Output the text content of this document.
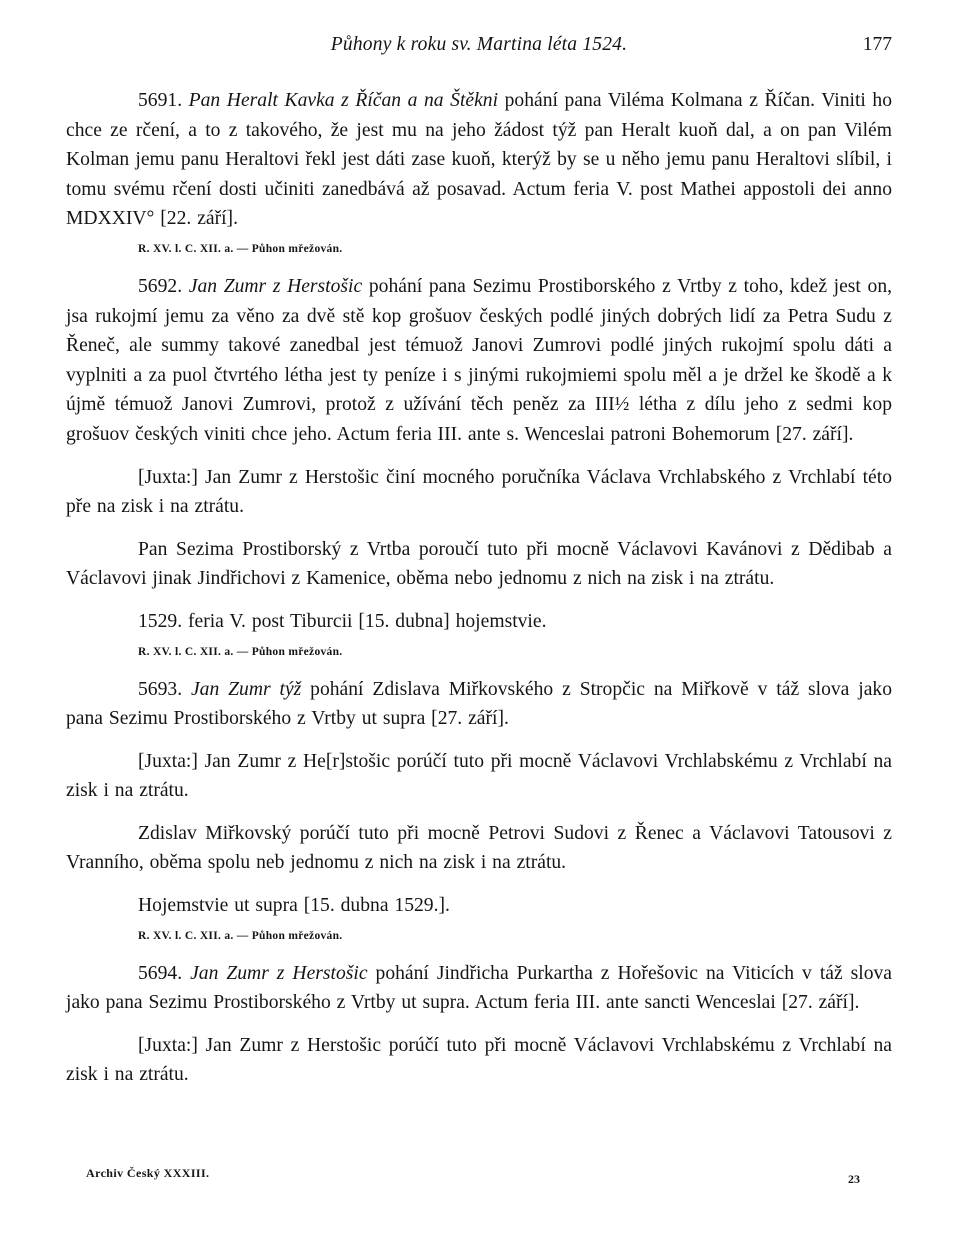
Půhony k roku sv. Martina léta 1524.	177

5691. Pan Heralt Kavka z Říčan a na Štěkni pohání pana Viléma Kolmana z Říčan. Viniti ho chce ze rčení, a to z takového, že jest mu na jeho žádost týž pan Heralt kuoň dal, a on pan Vilém Kolman jemu panu Heraltovi řekl jest dáti zase kuoň, kterýž by se u něho jemu panu Heraltovi slíbil, i tomu svému rčení dosti učiniti zanedbává až posavad. Actum feria V. post Mathei appostoli dei anno MDXXIV° [22. září].

R. XV. l. C. XII. a. — Půhon mřežován.

5692. Jan Zumr z Herstošic pohání pana Sezimu Prostiborského z Vrtby z toho, kdež jest on, jsa rukojmí jemu za věno za dvě stě kop grošuov českých podlé jiných dobrých lidí za Petra Sudu z Řeneč, ale summy takové zanedbal jest témuož Janovi Zumrovi podlé jiných rukojmí spolu dáti a vyplniti a za puol čtvrtého létha jest ty peníze i s jinými rukojmiemi spolu měl a je držel ke škodě a k újmě témuož Janovi Zumrovi, protož z užívání těch peněz za III½ létha z dílu jeho z sedmi kop grošuov českých viniti chce jeho. Actum feria III. ante s. Wenceslai patroni Bohemorum [27. září].

[Juxta:] Jan Zumr z Herstošic činí mocného poručníka Václava Vrchlabského z Vrchlabí této pře na zisk i na ztrátu.

Pan Sezima Prostiborský z Vrtba poroučí tuto při mocně Václavovi Kavánovi z Dědibab a Václavovi jinak Jindřichovi z Kamenice, oběma nebo jednomu z nich na zisk i na ztrátu.

1529. feria V. post Tiburcii [15. dubna] hojemstvie.

R. XV. l. C. XII. a. — Půhon mřežován.

5693. Jan Zumr týž pohání Zdislava Miřkovského z Stropčic na Miřkově v táž slova jako pana Sezimu Prostiborského z Vrtby ut supra [27. září].

[Juxta:] Jan Zumr z He[r]stošic porúčí tuto při mocně Václavovi Vrchlabskému z Vrchlabí na zisk i na ztrátu.

Zdislav Miřkovský porúčí tuto při mocně Petrovi Sudovi z Řenec a Václavovi Tatousovi z Vranního, oběma spolu neb jednomu z nich na zisk i na ztrátu.

Hojemstvie ut supra [15. dubna 1529.].

R. XV. l. C. XII. a. — Půhon mřežován.

5694. Jan Zumr z Herstošic pohání Jindřicha Purkartha z Hořešovic na Viticích v táž slova jako pana Sezimu Prostiborského z Vrtby ut supra. Actum feria III. ante sancti Wenceslai [27. září].

[Juxta:] Jan Zumr z Herstošic porúčí tuto při mocně Václavovi Vrchlabskému z Vrchlabí na zisk i na ztrátu.

Archiv Český XXXIII.	23
